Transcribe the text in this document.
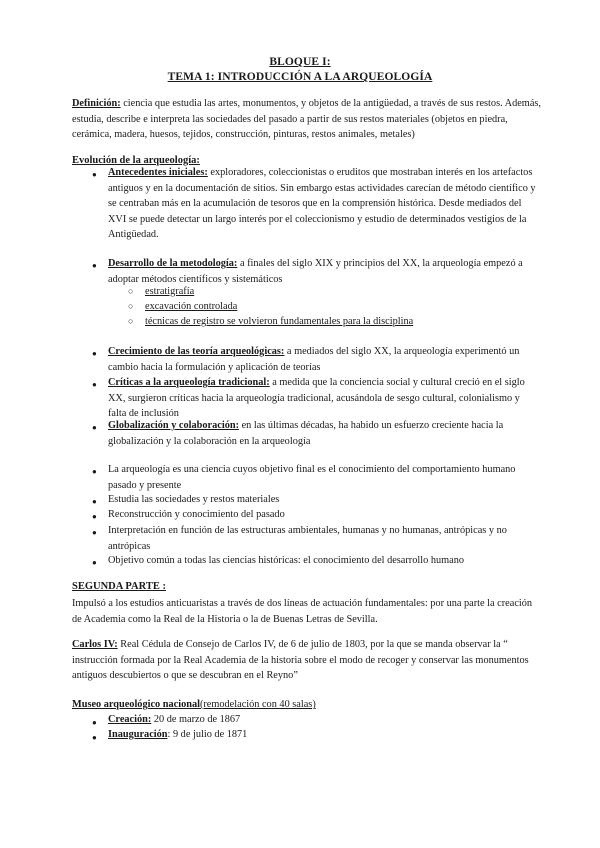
BLOQUE I:
TEMA 1: INTRODUCCIÓN A LA ARQUEOLOGÍA
Definición: ciencia que estudia las artes, monumentos, y objetos de la antigüedad, a través de sus restos. Además, estudia, describe e interpreta las sociedades del pasado a partir de sus restos materiales (objetos en piedra, cerámica, madera, huesos, tejidos, construcción, pinturas, restos animales, metales)
Evolución de la arqueología:
● Antecedentes iniciales: exploradores, coleccionistas o eruditos que mostraban interés en los artefactos antiguos y en la documentación de sitios. Sin embargo estas actividades carecían de método científico y se centraban más en la acumulación de tesoros que en la comprensión histórica. Desde mediados del XVI se puede detectar un largo interés por el coleccionismo y estudio de determinados vestigios de la Antigüedad.
● Desarrollo de la metodología: a finales del siglo XIX y principios del XX, la arqueología empezó a adoptar métodos científicos y sistemáticos
○ estratigrafía
○ excavación controlada
○ técnicas de registro se volvieron fundamentales para la disciplina
● Crecimiento de las teoría arqueológicas: a mediados del siglo XX, la arqueología experimentó un cambio hacia la formulación y aplicación de teorías
● Críticas a la arqueología tradicional: a medida que la conciencia social y cultural creció en el siglo XX, surgieron críticas hacia la arqueología tradicional, acusándola de sesgo cultural, colonialismo y falta de inclusión
● Globalización y colaboración: en las últimas décadas, ha habido un esfuerzo creciente hacia la globalización y la colaboración en la arqueología
● La arqueología es una ciencia cuyos objetivo final es el conocimiento del comportamiento humano pasado y presente
● Estudia las sociedades y restos materiales
● Reconstrucción y conocimiento del pasado
● Interpretación en función de las estructuras ambientales, humanas y no humanas, antrópicas y no antrópicas
● Objetivo común a todas las ciencias históricas: el conocimiento del desarrollo humano
SEGUNDA PARTE :
Impulsó a los estudios anticuaristas a través de dos líneas de actuación fundamentales: por una parte la creación de Academia como la Real de la Historia o la de Buenas Letras de Sevilla.
Carlos IV: Real Cédula de Consejo de Carlos IV, de 6 de julio de 1803, por la que se manda observar la “ instrucción formada por la Real Academia de la historia sobre el modo de recoger y conservar las monumentos antiguos descubiertos o que se descubran en el Reyno”
Museo arqueológico nacional(remodelación con 40 salas)
● Creación: 20 de marzo de 1867
● Inauguración: 9 de julio de 1871
